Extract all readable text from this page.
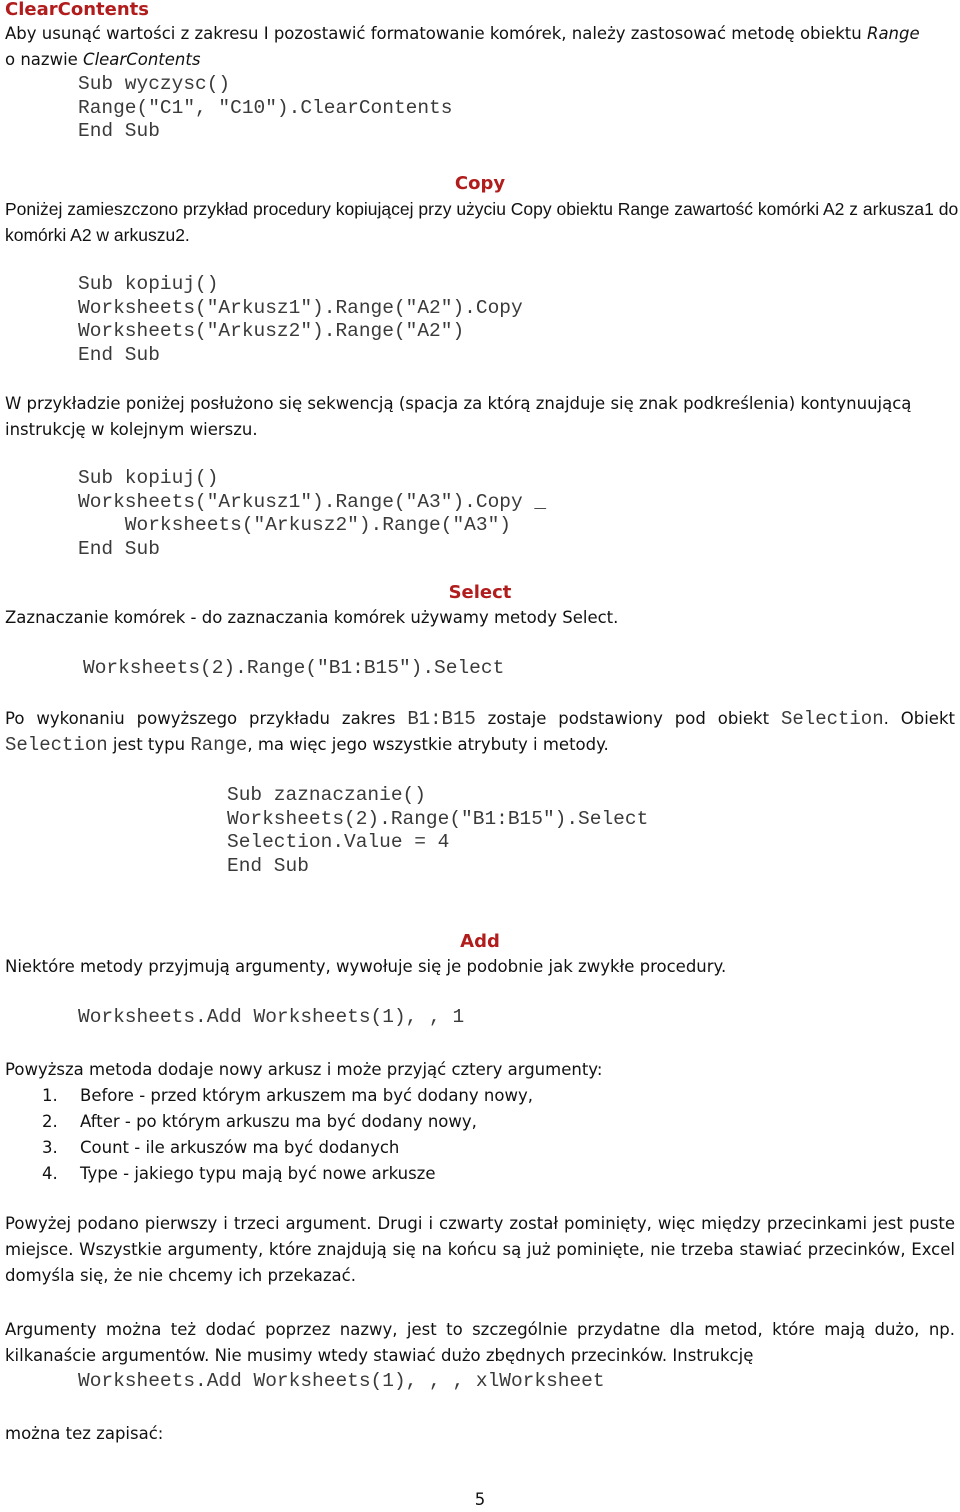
ClearContents
Aby usunąć wartości z zakresu I pozostawić formatowanie komórek, należy zastosować metodę obiektu Range
o nazwie ClearContents
Sub wyczysc()
Range("C1", "C10").ClearContents
End Sub
Copy
Poniżej zamieszczono przykład procedury kopiującej przy użyciu Copy obiektu Range zawartość komórki A2 z arkusza1 do komórki A2 w arkuszu2.
Sub kopiuj()
Worksheets("Arkusz1").Range("A2").Copy
Worksheets("Arkusz2").Range("A2")
End Sub
W przykładzie poniżej posłużono się sekwencją (spacja za którą znajduje się znak podkreślenia) kontynuującą instrukcję w kolejnym wierszu.
Sub kopiuj()
Worksheets("Arkusz1").Range("A3").Copy _
Worksheets("Arkusz2").Range("A3")
End Sub
Select
Zaznaczanie komórek - do zaznaczania komórek używamy metody Select.
Worksheets(2).Range("B1:B15").Select
Po wykonaniu powyższego przykładu zakres B1:B15 zostaje podstawiony pod obiekt Selection. Obiekt Selection jest typu Range, ma więc jego wszystkie atrybuty i metody.
Sub zaznaczanie()
Worksheets(2).Range("B1:B15").Select
Selection.Value = 4
End Sub
Add
Niektóre metody przyjmują argumenty, wywołuje się je podobnie jak zwykłe procedury.
Worksheets.Add Worksheets(1), , 1
Powyższa metoda dodaje nowy arkusz i może przyjąć cztery argumenty:
1. Before - przed którym arkuszem ma być dodany nowy,
2. After - po którym arkuszu ma być dodany nowy,
3. Count - ile arkuszów ma być dodanych
4. Type - jakiego typu mają być nowe arkusze
Powyżej podano pierwszy i trzeci argument. Drugi i czwarty został pominięty, więc między przecinkami jest puste miejsce. Wszystkie argumenty, które znajdują się na końcu są już pominięte, nie trzeba stawiać przecinków, Excel domyśla się, że nie chcemy ich przekazać.
Argumenty można też dodać poprzez nazwy, jest to szczególnie przydatne dla metod, które mają dużo, np. kilkanaście argumentów. Nie musimy wtedy stawiać dużo zbędnych przecinków. Instrukcję
Worksheets.Add Worksheets(1), , , xlWorksheet
można tez zapisać:
5
